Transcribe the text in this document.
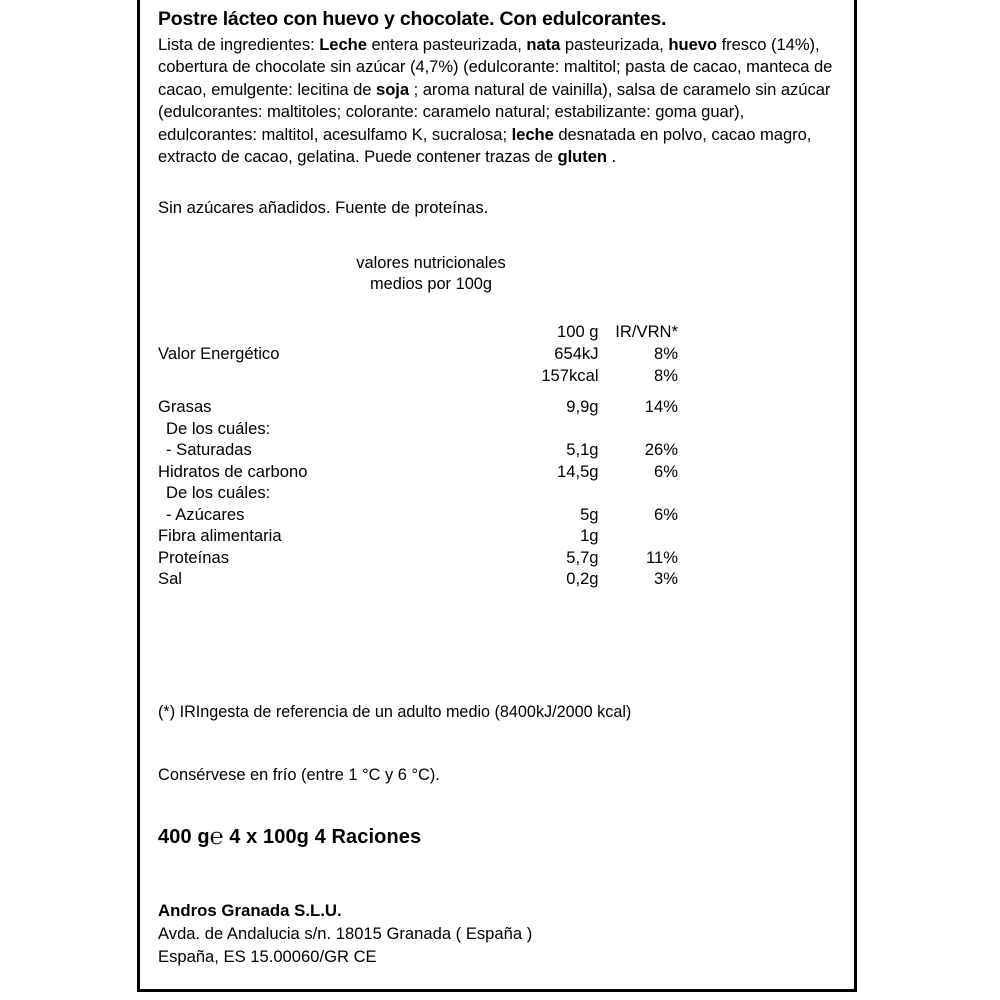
Postre lácteo con huevo y chocolate. Con edulcorantes.

Lista de ingredientes: Leche entera pasteurizada, nata pasteurizada, huevo fresco (14%), cobertura de chocolate sin azúcar (4,7%) (edulcorante: maltitol; pasta de cacao, manteca de cacao, emulgente: lecitina de soja ; aroma natural de vainilla), salsa de caramelo sin azúcar (edulcorantes: maltitoles; colorante: caramelo natural; estabilizante: goma guar), edulcorantes: maltitol, acesulfamo K, sucralosa; leche desnatada en polvo, cacao magro, extracto de cacao, gelatina. Puede contener trazas de gluten .

Sin azúcares añadidos. Fuente de proteínas.
valores nutricionales
medios por 100g
	100 g	IR/VRN*
Valor Energético	654kJ	8%
	157kcal	8%

Grasas	9,9g	14%
De los cuáles:		
- Saturadas	5,1g	26%
Hidratos de carbono	14,5g	6%
De los cuáles:		
- Azúcares	5g	6%
Fibra alimentaria	1g	
Proteínas	5,7g	11%
Sal	0,2g	3%
(*) IRIngesta de referencia de un adulto medio (8400kJ/2000 kcal)
Consérvese en frío (entre 1 °C y 6 °C).
400 g℮ 4 x 100g 4 Raciones
Andros Granada S.L.U.
Avda. de Andalucia s/n. 18015 Granada ( España )
España, ES 15.00060/GR CE
